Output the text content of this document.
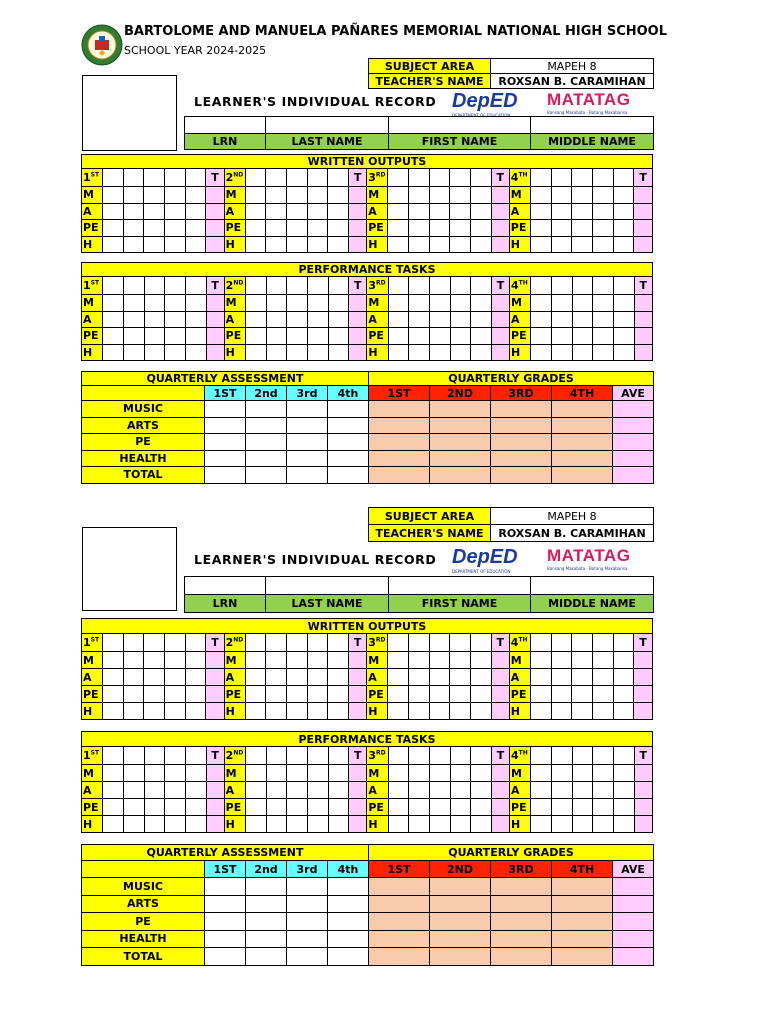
BARTOLOME AND MANUELA PAÑARES MEMORIAL NATIONAL HIGH SCHOOL
SCHOOL YEAR 2024-2025
SUBJECT AREA	MAPEH 8
TEACHER'S NAME	ROXSAN B. CARAMIHAN
LEARNER'S INDIVIDUAL RECORD DepED
DEPARTMENT OF EDUCATION
MATATAG
Bansang Makabata · Batang Makabansa

LRN	LAST NAME	FIRST NAME	MIDDLE NAME
WRITTEN OUTPUTS																											
1ST						T	2ND						T	3RD						T	4TH						T
M							M							M							M						
A							A							A							A						
PE							PE							PE							PE						
H							H							H							H						
PERFORMANCE TASKS																											
1ST						T	2ND						T	3RD						T	4TH						T
M							M							M							M						
A							A							A							A						
PE							PE							PE							PE						
H							H							H							H						
QUARTERLY ASSESSMENT					QUARTERLY GRADES				
	1ST	2nd	3rd	4th	1ST	2ND	3RD	4TH	AVE
MUSIC									
ARTS									
PE									
HEALTH									
TOTAL									
SUBJECT AREA	MAPEH 8
TEACHER'S NAME	ROXSAN B. CARAMIHAN
LEARNER'S INDIVIDUAL RECORD DepED
DEPARTMENT OF EDUCATION
MATATAG
Bansang Makabata · Batang Makabansa

LRN	LAST NAME	FIRST NAME	MIDDLE NAME
WRITTEN OUTPUTS																											
1ST						T	2ND						T	3RD						T	4TH						T
M							M							M							M						
A							A							A							A						
PE							PE							PE							PE						
H							H							H							H						
PERFORMANCE TASKS																											
1ST						T	2ND						T	3RD						T	4TH						T
M							M							M							M						
A							A							A							A						
PE							PE							PE							PE						
H							H							H							H						
QUARTERLY ASSESSMENT					QUARTERLY GRADES				
	1ST	2nd	3rd	4th	1ST	2ND	3RD	4TH	AVE
MUSIC									
ARTS									
PE									
HEALTH									
TOTAL									
